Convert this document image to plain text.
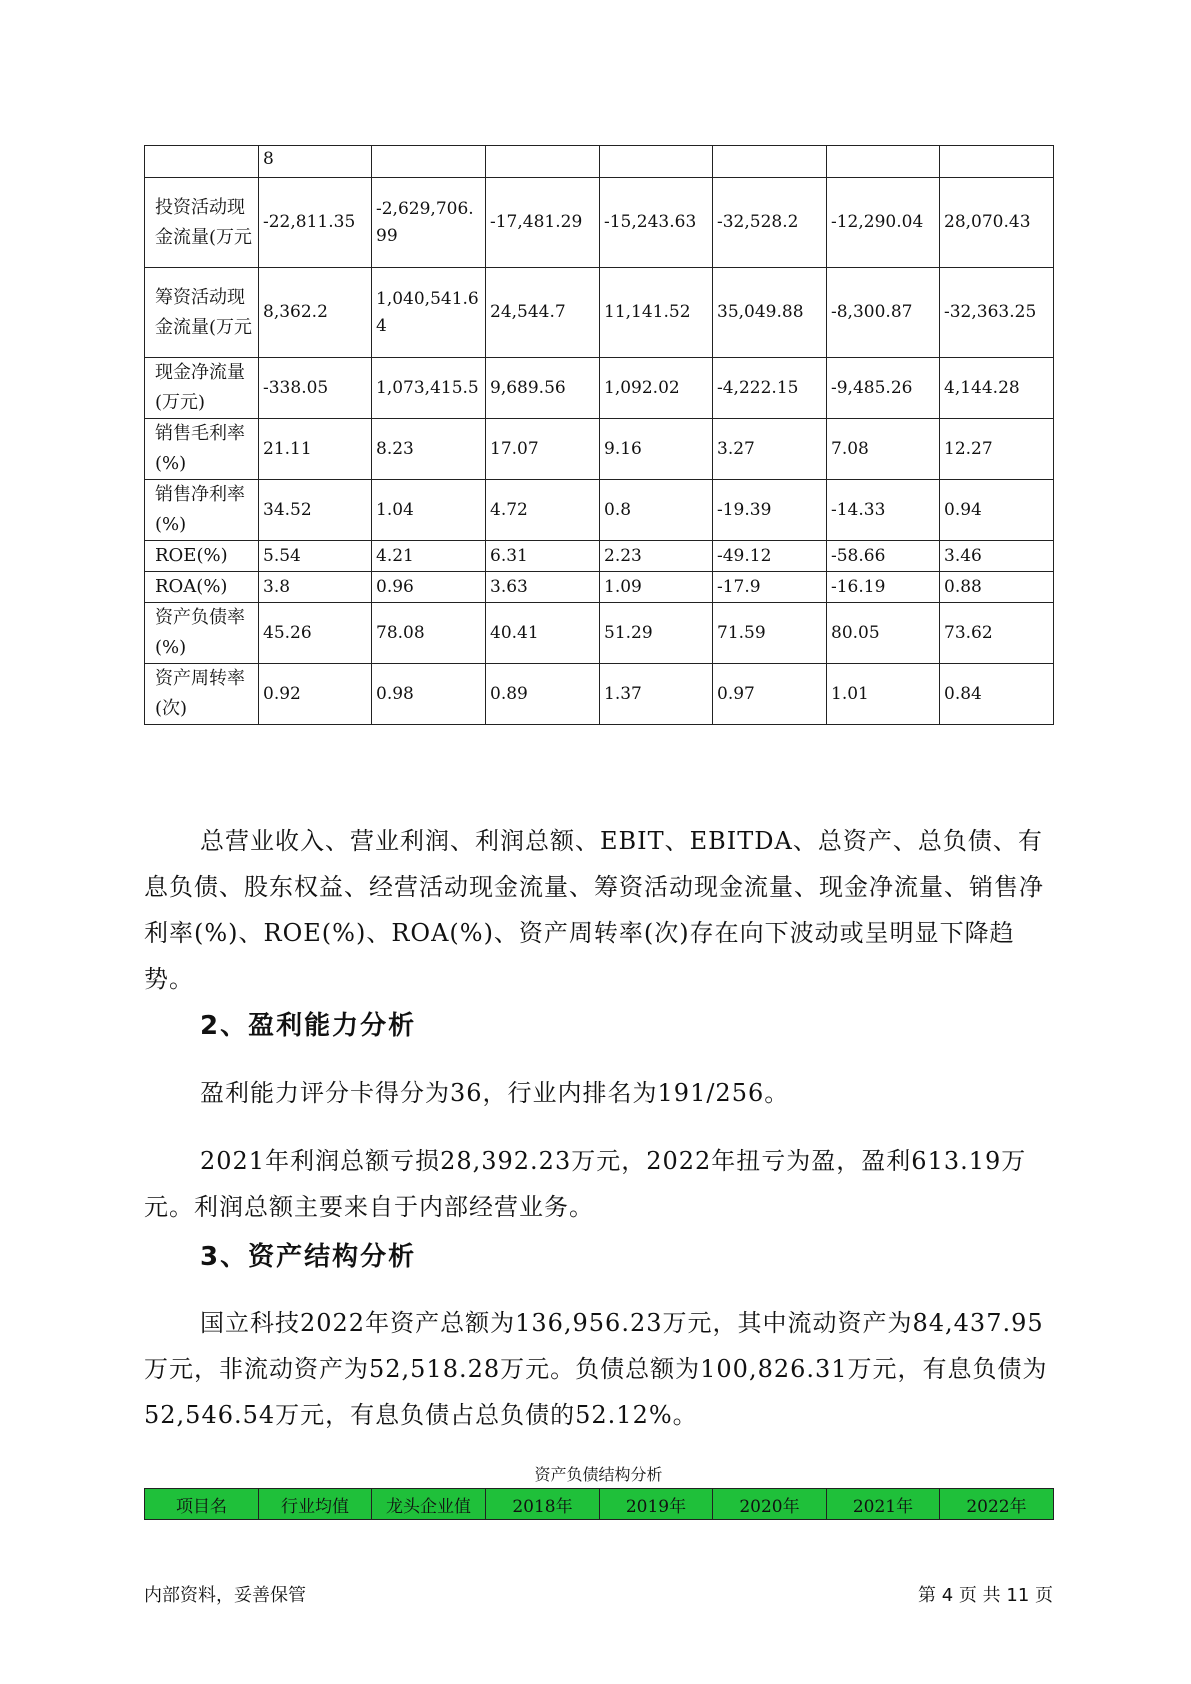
	8						
投资活动现金流量(万元	-22,811.35	-2,629,706.99	-17,481.29	-15,243.63	-32,528.2	-12,290.04	28,070.43
筹资活动现金流量(万元	8,362.2	1,040,541.64	24,544.7	11,141.52	35,049.88	-8,300.87	-32,363.25
现金净流量(万元)	-338.05	1,073,415.5	9,689.56	1,092.02	-4,222.15	-9,485.26	4,144.28
销售毛利率(%)	21.11	8.23	17.07	9.16	3.27	7.08	12.27
销售净利率(%)	34.52	1.04	4.72	0.8	-19.39	-14.33	0.94
ROE(%)	5.54	4.21	6.31	2.23	-49.12	-58.66	3.46
ROA(%)	3.8	0.96	3.63	1.09	-17.9	-16.19	0.88
资产负债率(%)	45.26	78.08	40.41	51.29	71.59	80.05	73.62
资产周转率(次)	0.92	0.98	0.89	1.37	0.97	1.01	0.84

总营业收入、营业利润、利润总额、EBIT、EBITDA、总资产、总负债、有息负债、股东权益、经营活动现金流量、筹资活动现金流量、现金净流量、销售净利率(%)、ROE(%)、ROA(%)、资产周转率(次)存在向下波动或呈明显下降趋势。

2、盈利能力分析

盈利能力评分卡得分为36，行业内排名为191/256。

2021年利润总额亏损28,392.23万元，2022年扭亏为盈，盈利613.19万元。利润总额主要来自于内部经营业务。

3、资产结构分析

国立科技2022年资产总额为136,956.23万元，其中流动资产为84,437.95万元，非流动资产为52,518.28万元。负债总额为100,826.31万元，有息负债为52,546.54万元，有息负债占总负债的52.12%。

资产负债结构分析
项目名	行业均值	龙头企业值	2018年	2019年	2020年	2021年	2022年
内部资料，妥善保管	第 4 页 共 11 页
